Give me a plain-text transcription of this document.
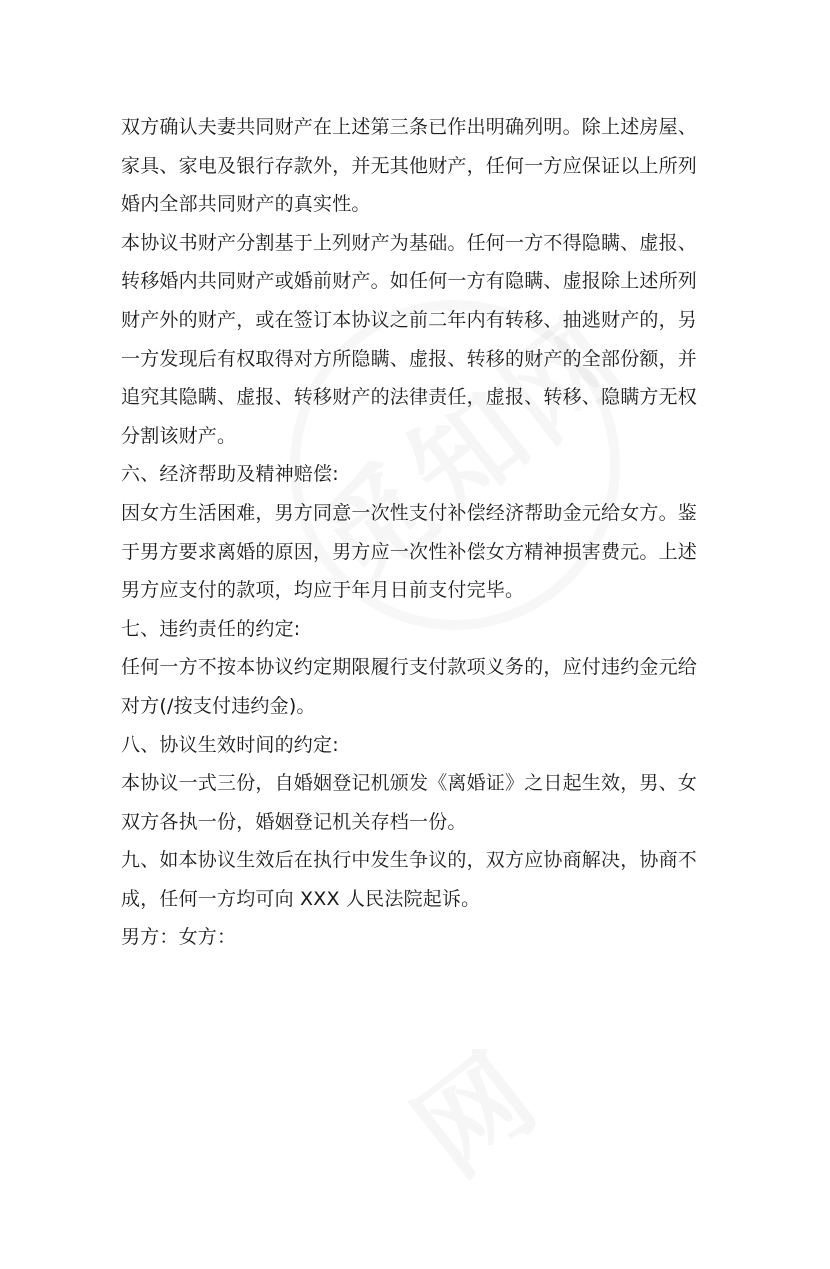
双方确认夫妻共同财产在上述第三条已作出明确列明。除上述房屋、
家具、家电及银行存款外，并无其他财产，任何一方应保证以上所列
婚内全部共同财产的真实性。
本协议书财产分割基于上列财产为基础。任何一方不得隐瞒、虚报、
转移婚内共同财产或婚前财产。如任何一方有隐瞒、虚报除上述所列
财产外的财产，或在签订本协议之前二年内有转移、抽逃财产的，另
一方发现后有权取得对方所隐瞒、虚报、转移的财产的全部份额，并
追究其隐瞒、虚报、转移财产的法律责任，虚报、转移、隐瞒方无权
分割该财产。
六、经济帮助及精神赔偿:
因女方生活困难，男方同意一次性支付补偿经济帮助金元给女方。鉴
于男方要求离婚的原因，男方应一次性补偿女方精神损害费元。上述
男方应支付的款项，均应于年月日前支付完毕。
七、违约责任的约定:
任何一方不按本协议约定期限履行支付款项义务的，应付违约金元给
对方(/按支付违约金)。
八、协议生效时间的约定:
本协议一式三份，自婚姻登记机颁发《离婚证》之日起生效，男、女
双方各执一份，婚姻登记机关存档一份。
九、如本协议生效后在执行中发生争议的，双方应协商解决，协商不
成，任何一方均可向 XXX 人民法院起诉。
男方：女方：
